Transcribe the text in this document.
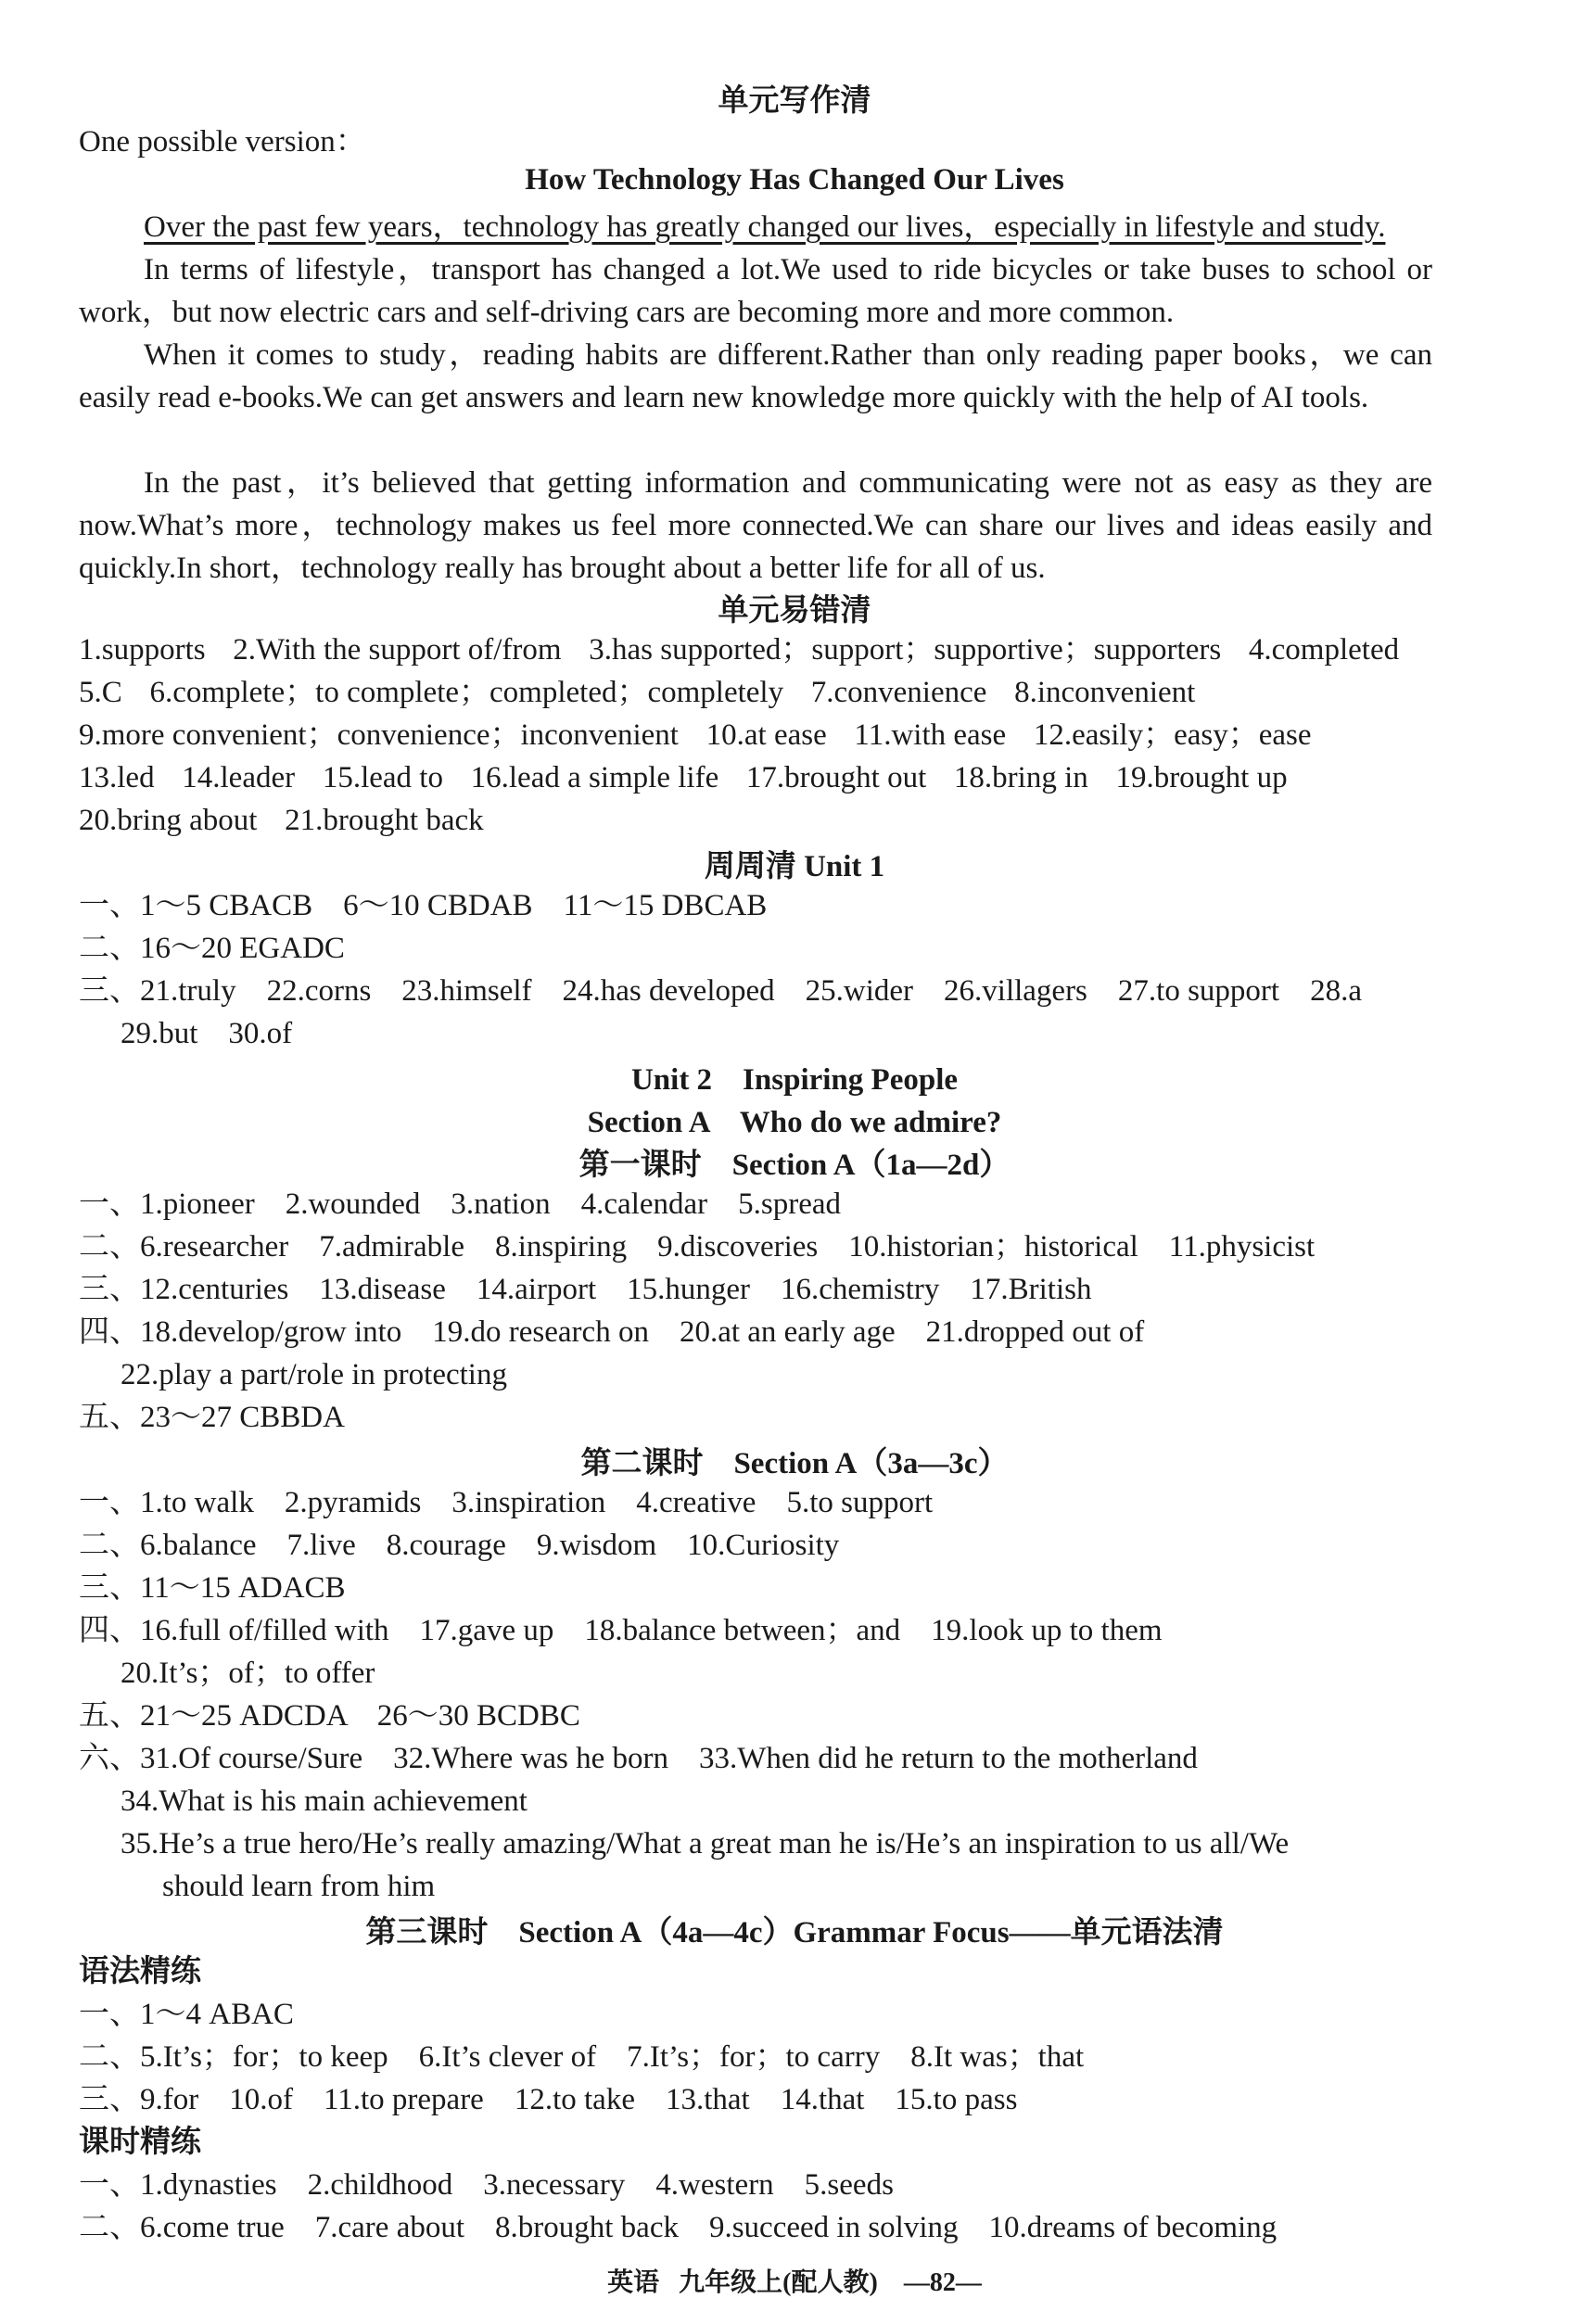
单元写作清
One possible version：
How Technology Has Changed Our Lives
Over the past few years，technology has greatly changed our lives，especially in lifestyle and study.
In terms of lifestyle，transport has changed a lot.We used to ride bicycles or take buses to school or work，but now electric cars and self-driving cars are becoming more and more common.
When it comes to study，reading habits are different.Rather than only reading paper books，we can easily read e-books.We can get answers and learn new knowledge more quickly with the help of AI tools.
In the past，it’s believed that getting information and communicating were not as easy as they are now.What’s more，technology makes us feel more connected.We can share our lives and ideas easily and quickly.In short，technology really has brought about a better life for all of us.
单元易错清
1.supports 2.With the support of/from 3.has supported；support；supportive；supporters 4.completed
5.C 6.complete；to complete；completed；completely 7.convenience 8.inconvenient
9.more convenient；convenience；inconvenient 10.at ease 11.with ease 12.easily；easy；ease
13.led 14.leader 15.lead to 16.lead a simple life 17.brought out 18.bring in 19.brought up
20.bring about 21.brought back
周周清 Unit 1
一、1～5 CBACB　6～10 CBDAB　11～15 DBCAB
二、16～20 EGADC
三、21.truly　22.corns　23.himself　24.has developed　25.wider　26.villagers　27.to support　28.a
29.but　30.of
Unit 2　Inspiring People
Section A　Who do we admire?
第一课时　Section A（1a—2d）
一、1.pioneer　2.wounded　3.nation　4.calendar　5.spread
二、6.researcher　7.admirable　8.inspiring　9.discoveries　10.historian；historical　11.physicist
三、12.centuries　13.disease　14.airport　15.hunger　16.chemistry　17.British
四、18.develop/grow into　19.do research on　20.at an early age　21.dropped out of
22.play a part/role in protecting
五、23～27 CBBDA
第二课时　Section A（3a—3c）
一、1.to walk　2.pyramids　3.inspiration　4.creative　5.to support
二、6.balance　7.live　8.courage　9.wisdom　10.Curiosity
三、11～15 ADACB
四、16.full of/filled with　17.gave up　18.balance between；and　19.look up to them
20.It’s；of；to offer
五、21～25 ADCDA　26～30 BCDBC
六、31.Of course/Sure　32.Where was he born　33.When did he return to the motherland
34.What is his main achievement
35.He’s a true hero/He’s really amazing/What a great man he is/He’s an inspiration to us all/We
should learn from him
第三课时　Section A（4a—4c）Grammar Focus——单元语法清
语法精练
一、1～4 ABAC
二、5.It’s；for；to keep　6.It’s clever of　7.It’s；for；to carry　8.It was；that
三、9.for　10.of　11.to prepare　12.to take　13.that　14.that　15.to pass
课时精练
一、1.dynasties　2.childhood　3.necessary　4.western　5.seeds
二、6.come true　7.care about　8.brought back　9.succeed in solving　10.dreams of becoming
英语 九年级上(配人教) —82—
